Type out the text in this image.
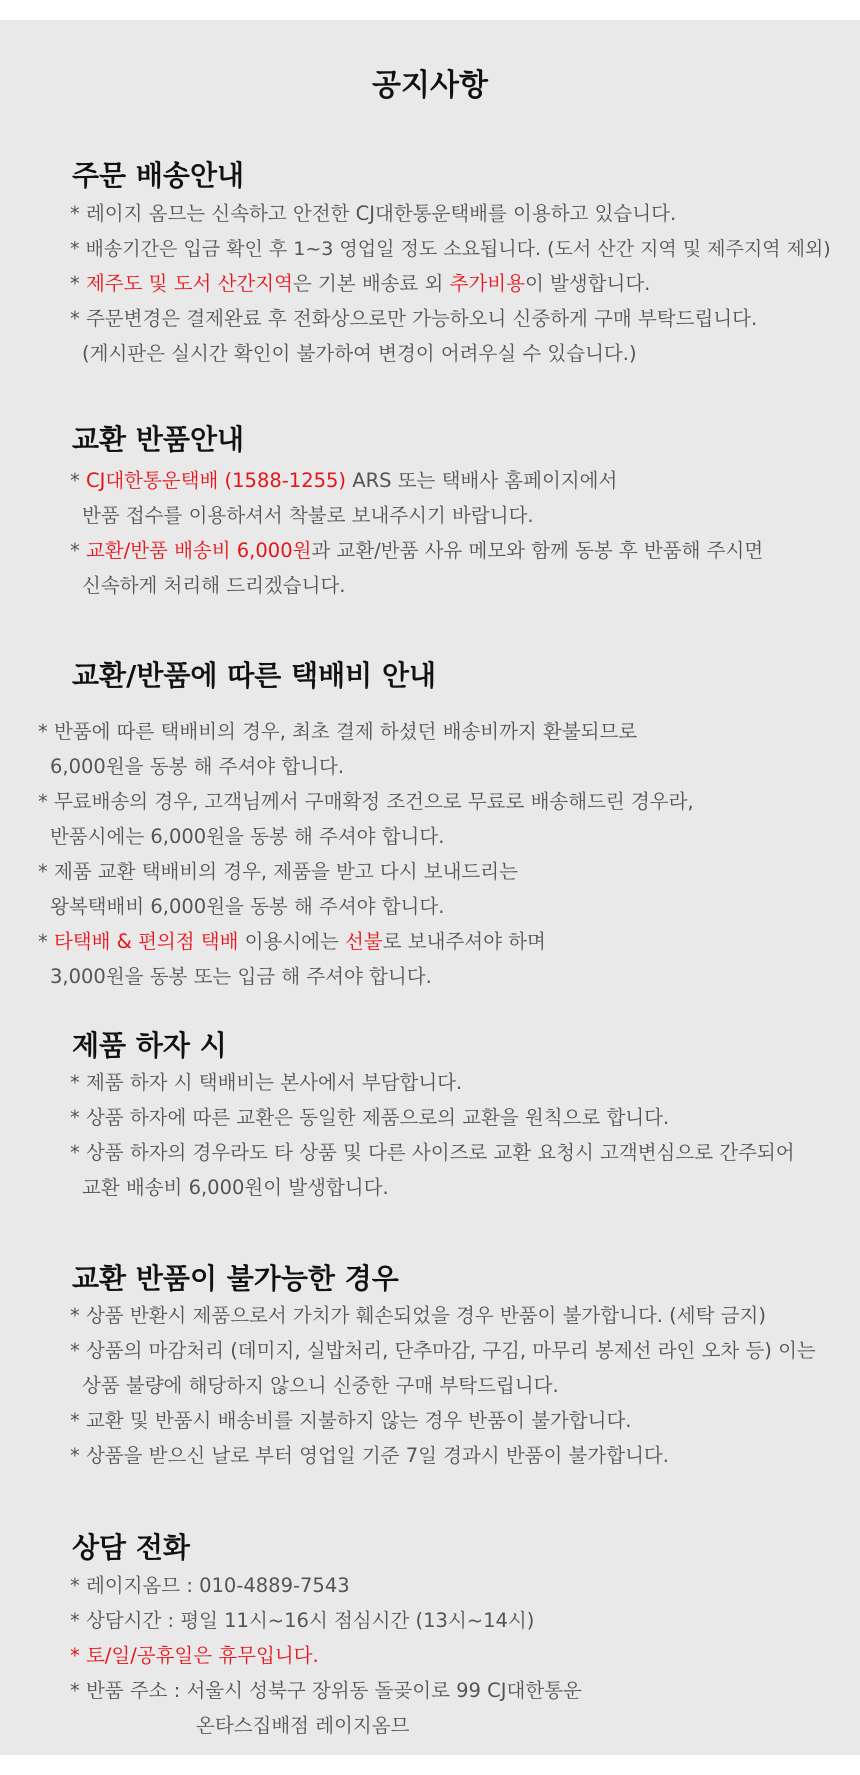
공지사항
주문 배송안내
* 레이지 옴므는 신속하고 안전한 CJ대한통운택배를 이용하고 있습니다.
* 배송기간은 입금 확인 후 1~3 영업일 정도 소요됩니다. (도서 산간 지역 및 제주지역 제외)
* 제주도 및 도서 산간지역은 기본 배송료 외 추가비용이 발생합니다.
* 주문변경은 결제완료 후 전화상으로만 가능하오니 신중하게 구매 부탁드립니다.
(게시판은 실시간 확인이 불가하여 변경이 어려우실 수 있습니다.)
교환 반품안내
* CJ대한통운택배 (1588-1255) ARS 또는 택배사 홈페이지에서
반품 접수를 이용하셔서 착불로 보내주시기 바랍니다.
* 교환/반품 배송비 6,000원과 교환/반품 사유 메모와 함께 동봉 후 반품해 주시면
신속하게 처리해 드리겠습니다.
교환/반품에 따른 택배비 안내
* 반품에 따른 택배비의 경우, 최초 결제 하셨던 배송비까지 환불되므로
6,000원을 동봉 해 주셔야 합니다.
* 무료배송의 경우, 고객님께서 구매확정 조건으로 무료로 배송해드린 경우라,
반품시에는 6,000원을 동봉 해 주셔야 합니다.
* 제품 교환 택배비의 경우, 제품을 받고 다시 보내드리는
왕복택배비 6,000원을 동봉 해 주셔야 합니다.
* 타택배 & 편의점 택배 이용시에는 선불로 보내주셔야 하며
3,000원을 동봉 또는 입금 해 주셔야 합니다.
제품 하자 시
* 제품 하자 시 택배비는 본사에서 부담합니다.
* 상품 하자에 따른 교환은 동일한 제품으로의 교환을 원칙으로 합니다.
* 상품 하자의 경우라도 타 상품 및 다른 사이즈로 교환 요청시 고객변심으로 간주되어
교환 배송비 6,000원이 발생합니다.
교환 반품이 불가능한 경우
* 상품 반환시 제품으로서 가치가 훼손되었을 경우 반품이 불가합니다. (세탁 금지)
* 상품의 마감처리 (데미지, 실밥처리, 단추마감, 구김, 마무리 봉제선 라인 오차 등) 이는
상품 불량에 해당하지 않으니 신중한 구매 부탁드립니다.
* 교환 및 반품시 배송비를 지불하지 않는 경우 반품이 불가합니다.
* 상품을 받으신 날로 부터 영업일 기준 7일 경과시 반품이 불가합니다.
상담 전화
* 레이지옴므 : 010-4889-7543
* 상담시간 : 평일 11시~16시 점심시간 (13시~14시)
* 토/일/공휴일은 휴무입니다.
* 반품 주소 : 서울시 성북구 장위동 돌곶이로 99 CJ대한통운
온타스집배점 레이지옴므
